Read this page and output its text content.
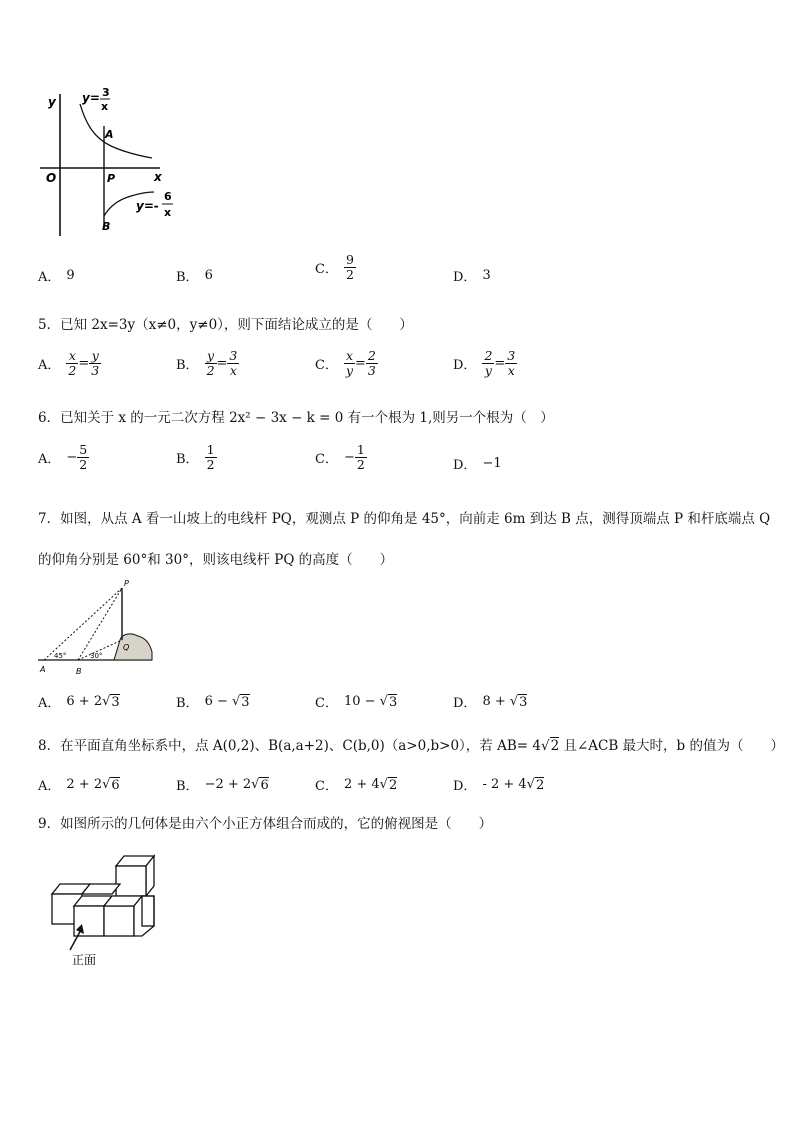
y
x
O	P
A
B
y= 3
x
y=-
6
x
A． 9	B． 6	C． $\frac{9}{2}$	D． 3
5．已知 2x=3y（x≠0，y≠0），则下面结论成立的是（　　）
A． $\frac{x}{2} = \frac{y}{3}$	B． $\frac{y}{2} = \frac{3}{x}$	C． $\frac{x}{y} = \frac{2}{3}$	D． $\frac{2}{y} = \frac{3}{x}$
6．已知关于 x 的一元二次方程 2x² − 3x − k = 0 有一个根为 1,则另一个根为（　）
A． − $\frac{5}{2}$	B． $\frac{1}{2}$	C． − $\frac{1}{2}$	D． −1
7．如图，从点 A 看一山坡上的电线杆 PQ，观测点 P 的仰角是 45°，向前走 6m 到达 B 点，测得顶端点 P 和杆底端点 Q
的仰角分别是 60°和 30°，则该电线杆 PQ 的高度（　　）
P
Q
A	B
45°	30°
A． 6 + 2 √ 3	B． 6 − √ 3	C． 10 − √ 3	D． 8 + √ 3
8．在平面直角坐标系中，点 A(0,2)、B(a,a+2)、C(b,0)（a>0,b>0），若 AB= 4√2 且∠ACB 最大时，b 的值为（　　）
A． 2 + 2 √ 6	B． −2 + 2 √ 6	C． 2 + 4 √ 2	D． - 2 + 4 √ 2
9．如图所示的几何体是由六个小正方体组合而成的，它的俯视图是（　　）
正面
